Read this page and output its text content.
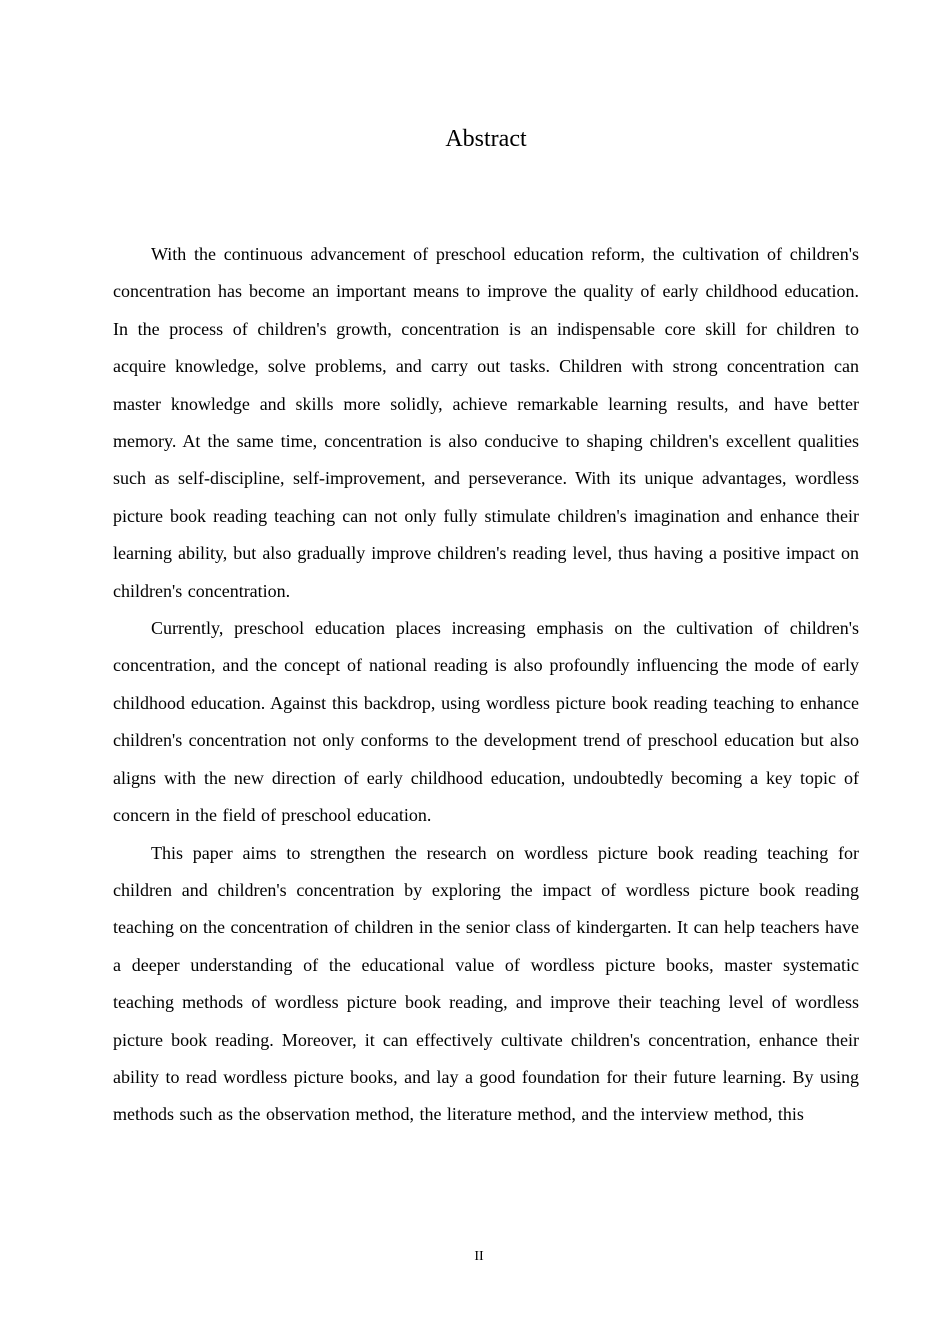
Abstract

With the continuous advancement of preschool education reform, the cultivation of children's concentration has become an important means to improve the quality of early childhood education. In the process of children's growth, concentration is an indispensable core skill for children to acquire knowledge, solve problems, and carry out tasks. Children with strong concentration can master knowledge and skills more solidly, achieve remarkable learning results, and have better memory. At the same time, concentration is also conducive to shaping children's excellent qualities such as self-discipline, self-improvement, and perseverance. With its unique advantages, wordless picture book reading teaching can not only fully stimulate children's imagination and enhance their learning ability, but also gradually improve children's reading level, thus having a positive impact on children's concentration.

Currently, preschool education places increasing emphasis on the cultivation of children's concentration, and the concept of national reading is also profoundly influencing the mode of early childhood education. Against this backdrop, using wordless picture book reading teaching to enhance children's concentration not only conforms to the development trend of preschool education but also aligns with the new direction of early childhood education, undoubtedly becoming a key topic of concern in the field of preschool education.

This paper aims to strengthen the research on wordless picture book reading teaching for children and children's concentration by exploring the impact of wordless picture book reading teaching on the concentration of children in the senior class of kindergarten. It can help teachers have a deeper understanding of the educational value of wordless picture books, master systematic teaching methods of wordless picture book reading, and improve their teaching level of wordless picture book reading. Moreover, it can effectively cultivate children's concentration, enhance their ability to read wordless picture books, and lay a good foundation for their future learning. By using methods such as the observation method, the literature method, and the interview method, this

II
